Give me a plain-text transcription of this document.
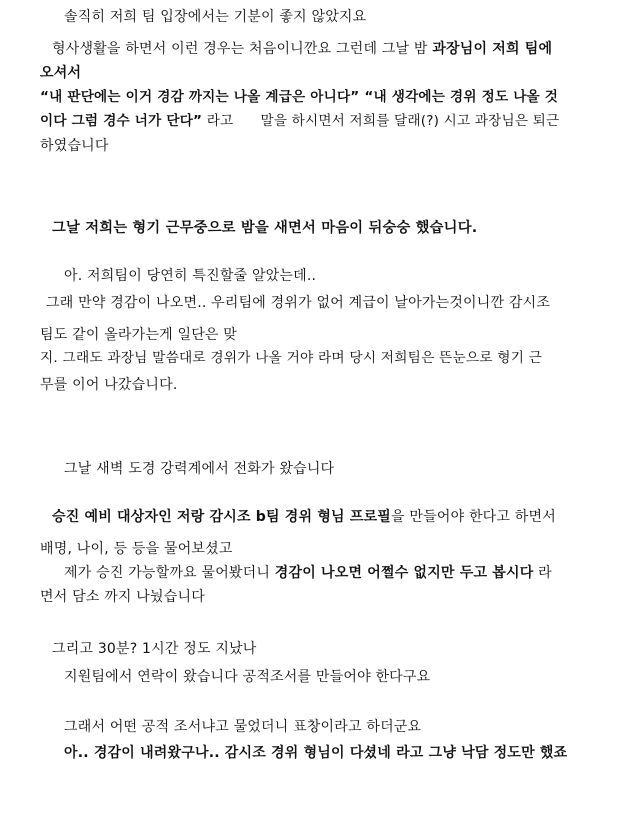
솔직히 저희 팀 입장에서는 기분이 좋지 않았지요
형사생활을 하면서 이런 경우는 처음이니깐요 그런데 그날 밤 과장님이 저희 팀에
오셔서
“내 판단에는 이거 경감 까지는 나올 계급은 아니다” “내 생각에는 경위 정도 나올 것
이다 그럼 경수 너가 단다” 라고      말을 하시면서 저희를 달래(?) 시고 과장님은 퇴근
하였습니다
그날 저희는 형기 근무중으로 밤을 새면서 마음이 뒤숭숭 했습니다.
아. 저희팀이 당연히 특진할줄 알았는데..
그래 만약 경감이 나오면.. 우리팀에 경위가 없어 계급이 날아가는것이니깐 감시조
팀도 같이 올라가는게 일단은 맞
지. 그래도 과장님 말씀대로 경위가 나올 거야 라며 당시 저희팀은 뜬눈으로 형기 근
무를 이어 나갔습니다.
그날 새벽 도경 강력계에서 전화가 왔습니다
승진 예비 대상자인 저랑 감시조 b팀 경위 형님 프로필을 만들어야 한다고 하면서
배명, 나이, 등 등을 물어보셨고
제가 승진 가능할까요 물어봤더니 경감이 나오면 어쩔수 없지만 두고 봅시다 라
면서 담소 까지 나눴습니다
그리고 30분? 1시간 정도 지났나
지원팀에서 연락이 왔습니다 공적조서를 만들어야 한다구요
그래서 어떤 공적 조서냐고 물었더니 표창이라고 하더군요
아.. 경감이 내려왔구나.. 감시조 경위 형님이 다셨네 라고 그냥 낙담 정도만 했죠
